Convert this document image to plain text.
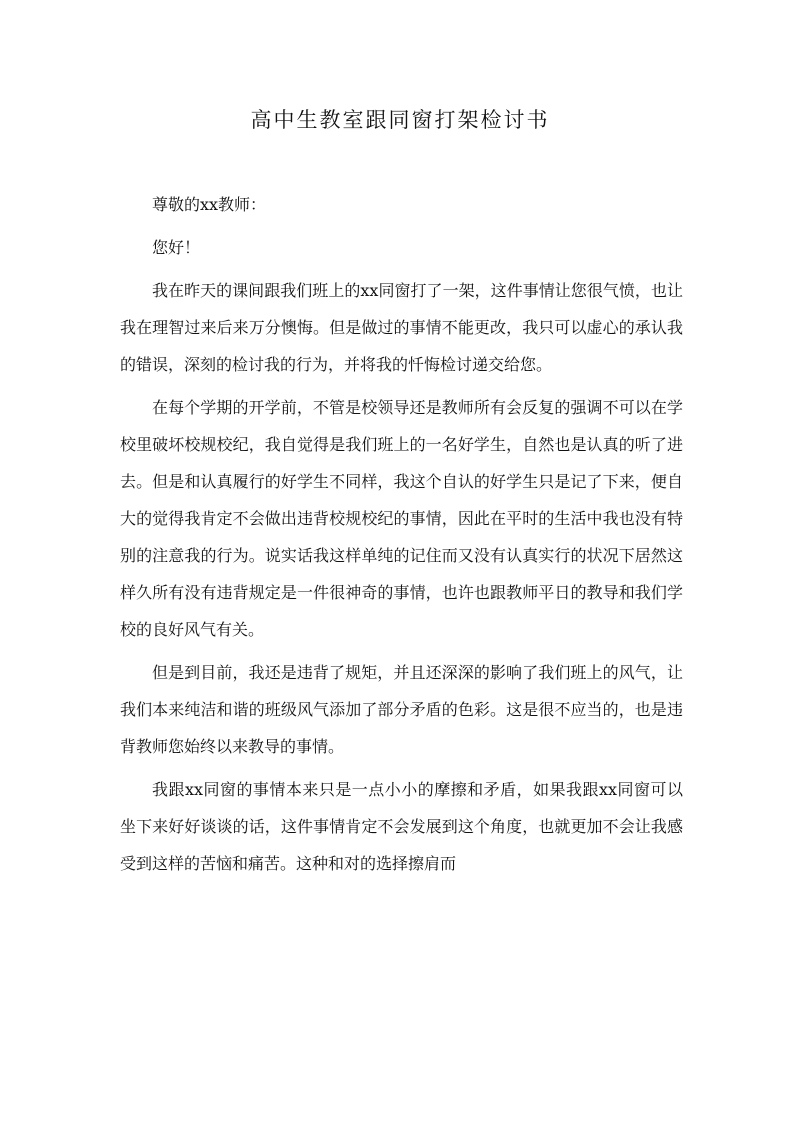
高中生教室跟同窗打架检讨书

尊敬的xx教师：

您好！

我在昨天的课间跟我们班上的xx同窗打了一架，这件事情让您很气愤，也让我在理智过来后来万分懊悔。但是做过的事情不能更改，我只可以虚心的承认我的错误，深刻的检讨我的行为，并将我的忏悔检讨递交给您。

在每个学期的开学前，不管是校领导还是教师所有会反复的强调不可以在学校里破坏校规校纪，我自觉得是我们班上的一名好学生，自然也是认真的听了进去。但是和认真履行的好学生不同样，我这个自认的好学生只是记了下来，便自大的觉得我肯定不会做出违背校规校纪的事情，因此在平时的生活中我也没有特别的注意我的行为。说实话我这样单纯的记住而又没有认真实行的状况下居然这样久所有没有违背规定是一件很神奇的事情，也许也跟教师平日的教导和我们学校的良好风气有关。

但是到目前，我还是违背了规矩，并且还深深的影响了我们班上的风气，让我们本来纯洁和谐的班级风气添加了部分矛盾的色彩。这是很不应当的，也是违背教师您始终以来教导的事情。

我跟xx同窗的事情本来只是一点小小的摩擦和矛盾，如果我跟xx同窗可以坐下来好好谈谈的话，这件事情肯定不会发展到这个角度，也就更加不会让我感受到这样的苦恼和痛苦。这种和对的选择擦肩而
